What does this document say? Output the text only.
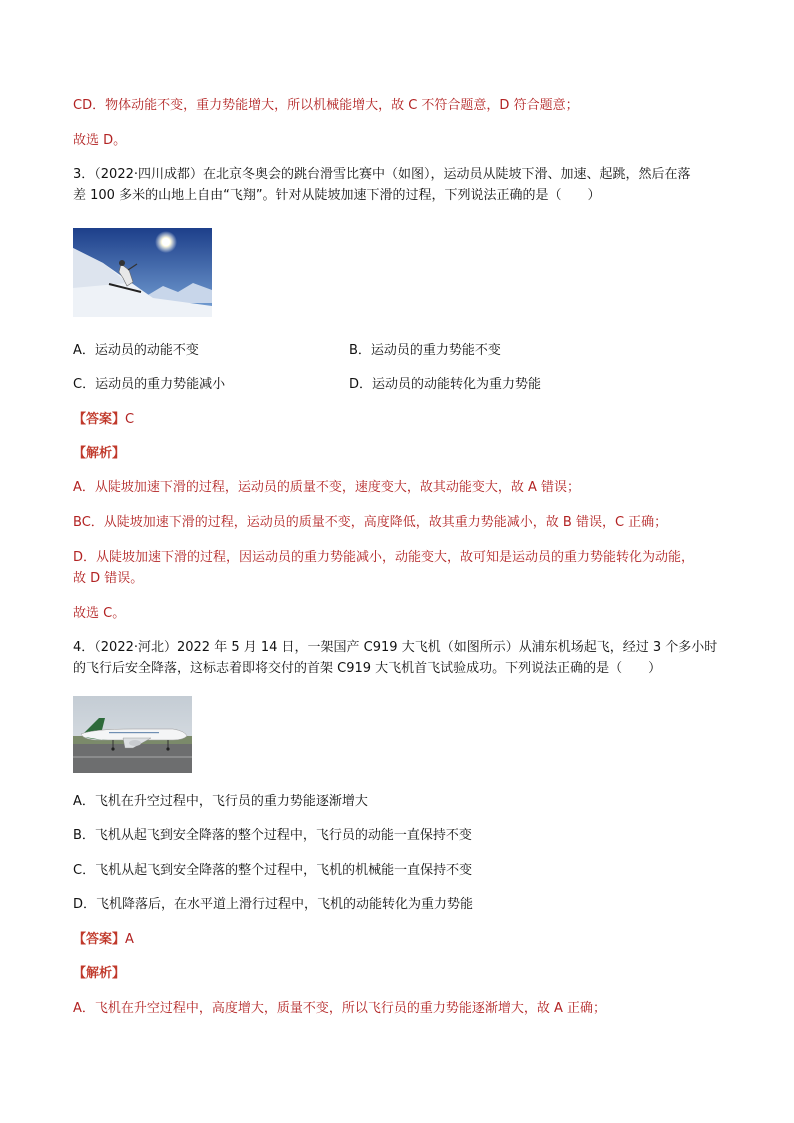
CD．物体动能不变，重力势能增大，所以机械能增大，故 C 不符合题意，D 符合题意；
故选 D。
3．（2022·四川成都）在北京冬奥会的跳台滑雪比赛中（如图），运动员从陡坡下滑、加速、起跳，然后在落
差 100 多米的山地上自由“飞翔”。针对从陡坡加速下滑的过程，下列说法正确的是（　　）
A．运动员的动能不变	B．运动员的重力势能不变
C．运动员的重力势能减小	D．运动员的动能转化为重力势能
【答案】C
【解析】
A．从陡坡加速下滑的过程，运动员的质量不变，速度变大，故其动能变大，故 A 错误；
BC．从陡坡加速下滑的过程，运动员的质量不变，高度降低，故其重力势能减小，故 B 错误，C 正确；
D．从陡坡加速下滑的过程，因运动员的重力势能减小，动能变大，故可知是运动员的重力势能转化为动能，
故 D 错误。
故选 C。
4．（2022·河北）2022 年 5 月 14 日，一架国产 C919 大飞机（如图所示）从浦东机场起飞，经过 3 个多小时
的飞行后安全降落，这标志着即将交付的首架 C919 大飞机首飞试验成功。下列说法正确的是（　　）
A．飞机在升空过程中，飞行员的重力势能逐渐增大
B．飞机从起飞到安全降落的整个过程中，飞行员的动能一直保持不变
C．飞机从起飞到安全降落的整个过程中，飞机的机械能一直保持不变
D．飞机降落后，在水平道上滑行过程中，飞机的动能转化为重力势能
【答案】A
【解析】
A．飞机在升空过程中，高度增大，质量不变，所以飞行员的重力势能逐渐增大，故 A 正确；
